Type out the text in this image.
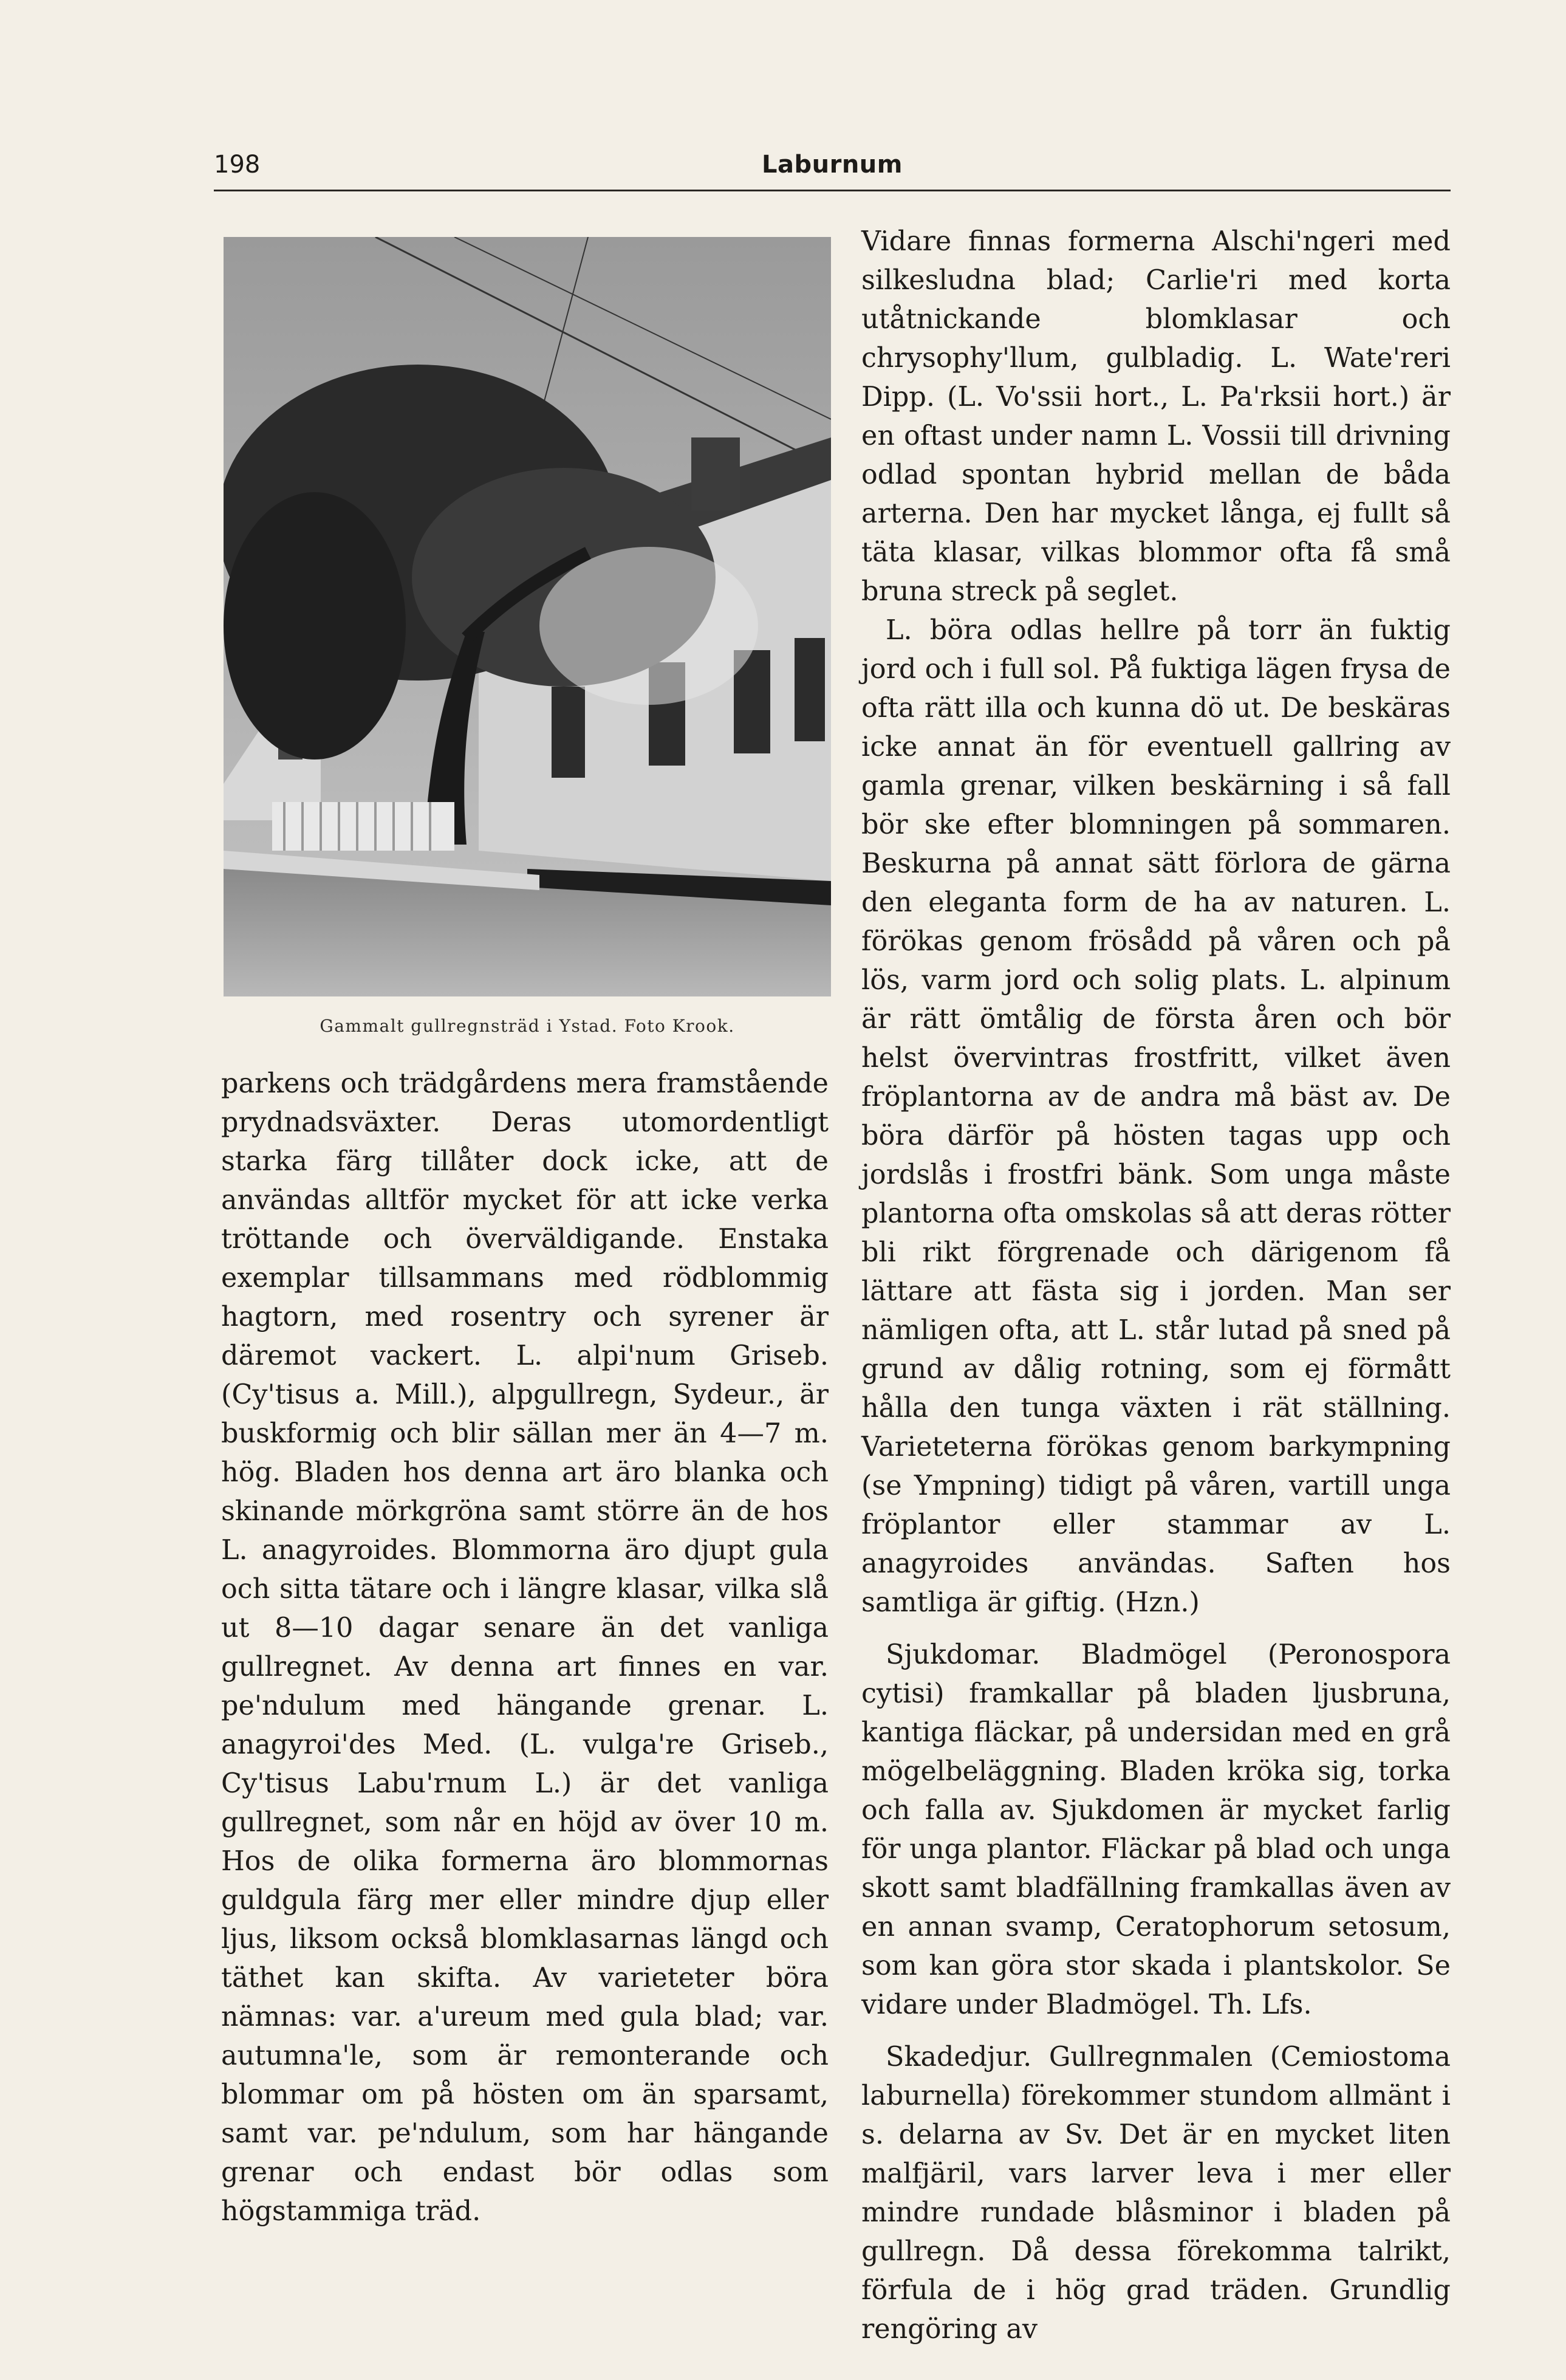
198	Laburnum
Gammalt gullregnsträd i Ystad. Foto Krook.

parkens och trädgårdens mera framstående prydnadsväxter. Deras utomordentligt starka färg tillåter dock icke, att de användas alltför mycket för att icke verka tröttande och överväldigande. Enstaka exemplar tillsammans med rödblommig hagtorn, med rosentry och syrener är däremot vackert. L. alpi'num Griseb. (Cy'tisus a. Mill.), alpgullregn, Sydeur., är buskformig och blir sällan mer än 4—7 m. hög. Bladen hos denna art äro blanka och skinande mörkgröna samt större än de hos L. anagyroides. Blommorna äro djupt gula och sitta tätare och i längre klasar, vilka slå ut 8—10 dagar senare än det vanliga gullregnet. Av denna art finnes en var. pe'ndulum med hängande grenar. L. anagyroi'des Med. (L. vulga're Griseb., Cy'tisus Labu'rnum L.) är det vanliga gullregnet, som når en höjd av över 10 m. Hos de olika formerna äro blommornas guldgula färg mer eller mindre djup eller ljus, liksom också blomklasarnas längd och täthet kan skifta. Av varieteter böra nämnas: var. a'ureum med gula blad; var. autumna'le, som är remonterande och blommar om på hösten om än sparsamt, samt var. pe'ndulum, som har hängande grenar och endast bör odlas som högstammiga träd.

Vidare finnas formerna Alschi'ngeri med silkesludna blad; Carlie'ri med korta utåtnickande blomklasar och chrysophy'llum, gulbladig. L. Wate'reri Dipp. (L. Vo'ssii hort., L. Pa'rksii hort.) är en oftast under namn L. Vossii till drivning odlad spontan hybrid mellan de båda arterna. Den har mycket långa, ej fullt så täta klasar, vilkas blommor ofta få små bruna streck på seglet.

L. böra odlas hellre på torr än fuktig jord och i full sol. På fuktiga lägen frysa de ofta rätt illa och kunna dö ut. De beskäras icke annat än för eventuell gallring av gamla grenar, vilken beskärning i så fall bör ske efter blomningen på sommaren. Beskurna på annat sätt förlora de gärna den eleganta form de ha av naturen. L. förökas genom frösådd på våren och på lös, varm jord och solig plats. L. alpinum är rätt ömtålig de första åren och bör helst övervintras frostfritt, vilket även fröplantorna av de andra må bäst av. De böra därför på hösten tagas upp och jordslås i frostfri bänk. Som unga måste plantorna ofta omskolas så att deras rötter bli rikt förgrenade och därigenom få lättare att fästa sig i jorden. Man ser nämligen ofta, att L. står lutad på sned på grund av dålig rotning, som ej förmått hålla den tunga växten i rät ställning. Varieteterna förökas genom barkympning (se Ympning) tidigt på våren, vartill unga fröplantor eller stammar av L. anagyroides användas. Saften hos samtliga är giftig. (Hzn.)

Sjukdomar. Bladmögel (Peronospora cytisi) framkallar på bladen ljusbruna, kantiga fläckar, på undersidan med en grå mögelbeläggning. Bladen kröka sig, torka och falla av. Sjukdomen är mycket farlig för unga plantor. Fläckar på blad och unga skott samt bladfällning framkallas även av en annan svamp, Ceratophorum setosum, som kan göra stor skada i plantskolor. Se vidare under Bladmögel. Th. Lfs.

Skadedjur. Gullregnmalen (Cemiostoma laburnella) förekommer stundom allmänt i s. delarna av Sv. Det är en mycket liten malfjäril, vars larver leva i mer eller mindre rundade blåsminor i bladen på gullregn. Då dessa förekomma talrikt, förfula de i hög grad träden. Grundlig rengöring av
